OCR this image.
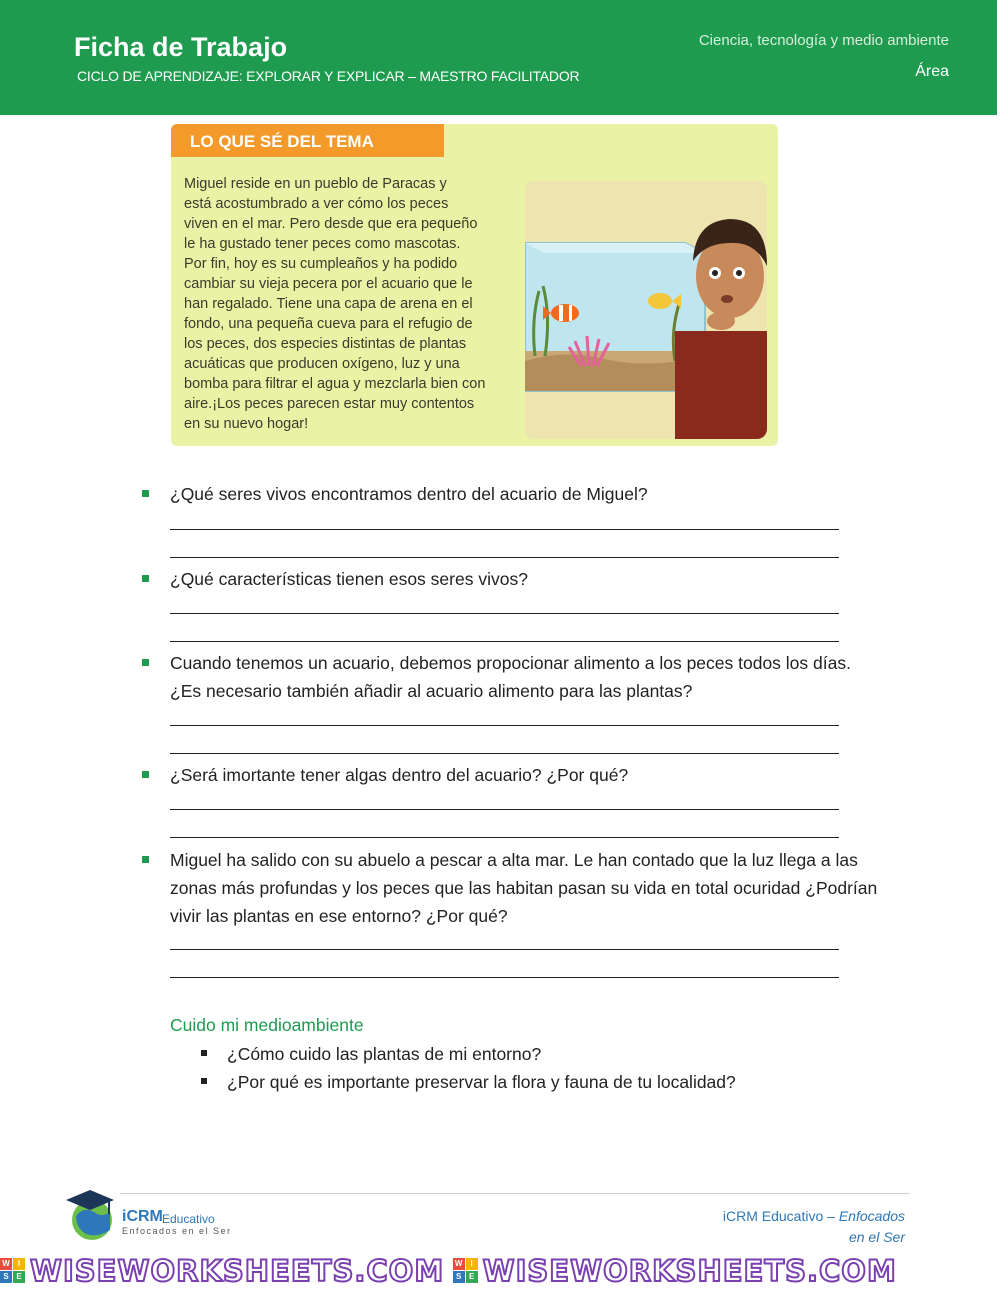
Ficha de Trabajo
CICLO DE APRENDIZAJE: EXPLORAR Y EXPLICAR – MAESTRO FACILITADOR
Ciencia, tecnología y medio ambiente
Área
LO QUE SÉ DEL TEMA
Miguel reside en un pueblo de Paracas y
está acostumbrado a ver cómo los peces
viven en el mar. Pero desde que era pequeño
le ha gustado tener peces como mascotas.
Por fin, hoy es su cumpleaños y ha podido
cambiar su vieja pecera por el acuario que le
han regalado. Tiene una capa de arena en el
fondo, una pequeña cueva para el refugio de
los peces, dos especies distintas de plantas
acuáticas que producen oxígeno, luz y una
bomba para filtrar el agua y mezclarla bien con
aire.¡Los peces parecen estar muy contentos
en su nuevo hogar!
¿Qué seres vivos encontramos dentro del acuario de Miguel?
¿Qué características tienen esos seres vivos?
Cuando tenemos un acuario, debemos propocionar alimento a los peces todos los días.
¿Es necesario también añadir al acuario alimento para las plantas?
¿Será imortante tener algas dentro del acuario? ¿Por qué?
Miguel ha salido con su abuelo a pescar a alta mar. Le han contado que la luz llega a las
zonas más profundas y los peces que las habitan pasan su vida en total ocuridad ¿Podrían
vivir las plantas en ese entorno? ¿Por qué?
Cuido mi medioambiente
¿Cómo cuido las plantas de mi entorno?
¿Por qué es importante preservar la flora y fauna de tu localidad?
iCRM Educativo
Enfocados en el Ser
iCRM Educativo – Enfocados
en el Ser
W	I
S E WISEWORKSHEETS.COM W	I
S E WISEWORKSHEETS.COM
